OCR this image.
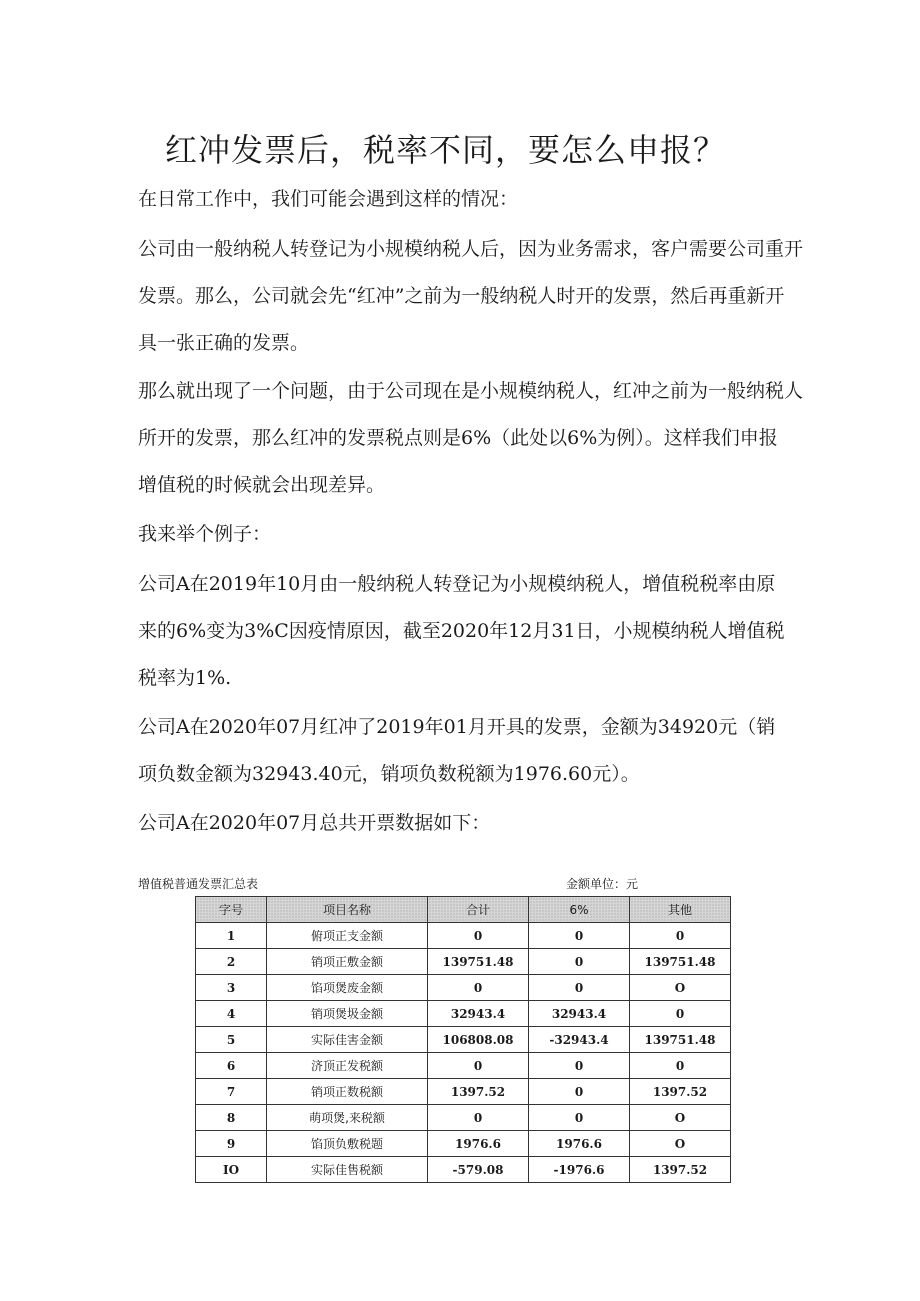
红冲发票后，税率不同，要怎么申报？
在日常工作中，我们可能会遇到这样的情况：
公司由一般纳税人转登记为小规模纳税人后，因为业务需求，客户需要公司重开
发票。那么，公司就会先“红冲”之前为一般纳税人时开的发票，然后再重新开
具一张正确的发票。
那么就出现了一个问题，由于公司现在是小规模纳税人，红冲之前为一般纳税人
所开的发票，那么红冲的发票税点则是6%（此处以6%为例）。这样我们申报
增值税的时候就会出现差异。
我来举个例子：
公司A在2019年10月由一般纳税人转登记为小规模纳税人，增值税税率由原
来的6%变为3%C因疫情原因，截至2020年12月31日，小规模纳税人增值税
税率为1%.
公司A在2020年07月红冲了2019年01月开具的发票，金额为34920元（销
项负数金额为32943.40元，销项负数税额为1976.60元）。
公司A在2020年07月总共开票数据如下：
增值税普通发票汇总表	金额单位：元
字号	项目名称	合计	6%	其他
1	俯项正支金额	0	0	0
2	销项正敷金额	139751.48	0	139751.48
3	馅项煲废金额	0	0	O
4	销项煲圾金额	32943.4	32943.4	0
5	实际佳害金额	106808.08	-32943.4	139751.48
6	济顶正发税额	0	0	0
7	销项正数税额	1397.52	0	1397.52
8	萌项煲,来税额	0	0	O
9	馅顶负敷税题	1976.6	1976.6	O
IO	实际佳售税额	-579.08	-1976.6	1397.52
